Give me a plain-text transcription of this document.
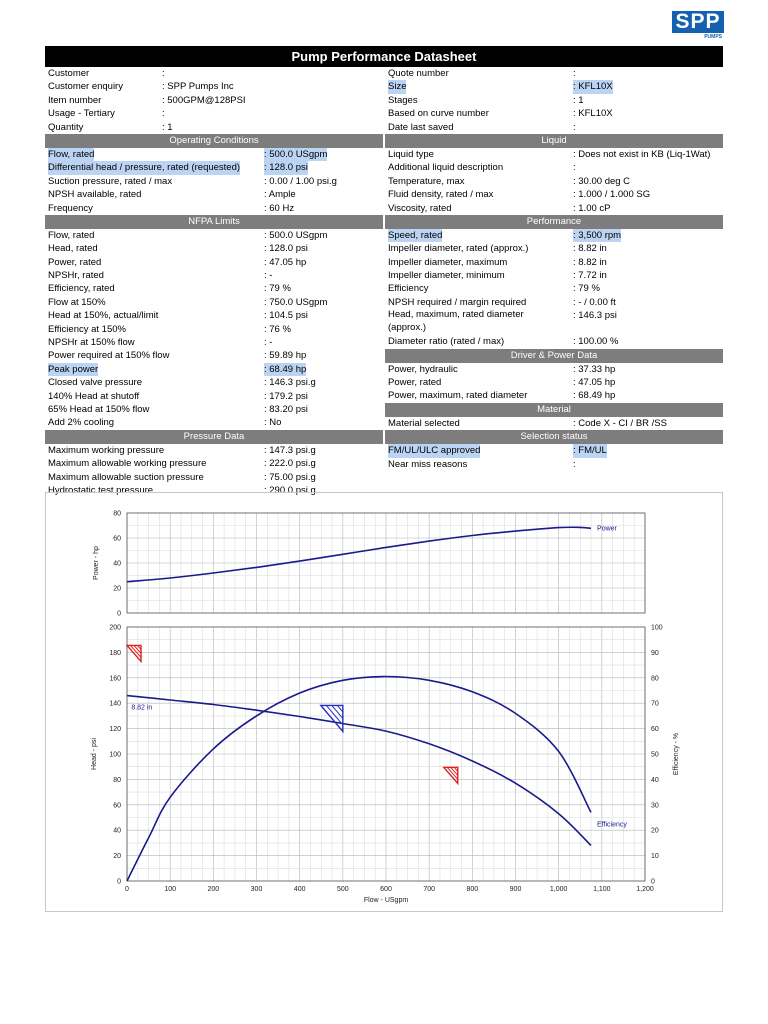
SPP
PUMPS
Pump Performance Datasheet
Customer	:
Customer enquiry	: SPP Pumps Inc
Item number	: 500GPM@128PSI
Usage - Tertiary	:
Quantity	: 1
Operating Conditions
Flow, rated	: 500.0 USgpm
Differential head / pressure, rated (requested)	: 128.0 psi
Suction pressure, rated / max	: 0.00 / 1.00 psi.g
NPSH available, rated	: Ample
Frequency	: 60 Hz
NFPA Limits
Flow, rated	: 500.0 USgpm
Head, rated	: 128.0 psi
Power, rated	: 47.05 hp
NPSHr, rated	: -
Efficiency, rated	: 79 %
Flow at 150%	: 750.0 USgpm
Head at 150%, actual/limit	: 104.5 psi
Efficiency at 150%	: 76 %
NPSHr at 150% flow	: -
Power required at 150% flow	: 59.89 hp
Peak power	: 68.49 hp
Closed valve pressure	: 146.3 psi.g
140% Head at shutoff	: 179.2 psi
65% Head at 150% flow	: 83.20 psi
Add 2% cooling	: No
Pressure Data
Maximum working pressure	: 147.3 psi.g
Maximum allowable working pressure	: 222.0 psi.g
Maximum allowable suction pressure	: 75.00 psi.g
Hydrostatic test pressure	: 290.0 psi.g
Quote number	:
Size	: KFL10X
Stages	: 1
Based on curve number	: KFL10X
Date last saved	:
Liquid
Liquid type	: Does not exist in KB (Liq-1Wat)
Additional liquid description	:
Temperature, max	: 30.00 deg C
Fluid density, rated / max	: 1.000 / 1.000 SG
Viscosity, rated	: 1.00 cP
Performance
Speed, rated	: 3,500 rpm
Impeller diameter, rated (approx.)	: 8.82 in
Impeller diameter, maximum	: 8.82 in
Impeller diameter, minimum	: 7.72 in
Efficiency	: 79 %
NPSH required / margin required	: - / 0.00 ft
Head, maximum, rated diameter (approx.)
: 146.3 psi
Diameter ratio (rated / max)	: 100.00 %
Driver & Power Data
Power, hydraulic	: 37.33 hp
Power, rated	: 47.05 hp
Power, maximum, rated diameter	: 68.49 hp
Material
Material selected	: Code X - CI / BR /SS
Selection status
FM/UL/ULC approved	: FM/UL
Near miss reasons	:
0
20
40
60
80
Power - hp
0
20
40
60
80
100
120
140
160
180
200
0
10
20
30
40
50
60
70
80
90
100
Head - psi	Efficiency - %
0	100	200	300	400	500	600	700	800	900	1,000	1,100	1,200
Flow - USgpm
Power
8.82 in
Efficiency
